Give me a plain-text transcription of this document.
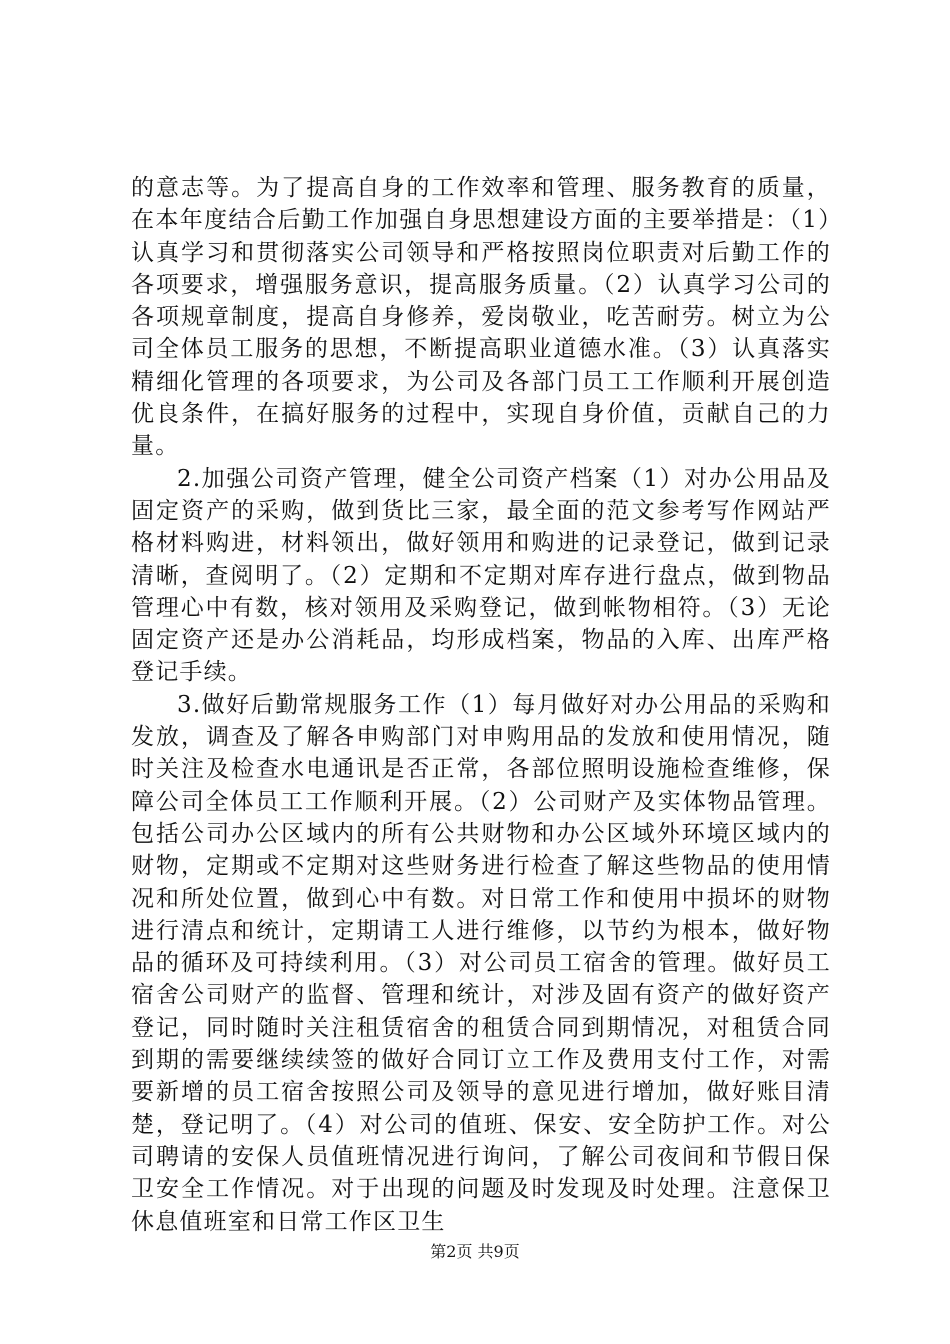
的意志等。为了提高自身的工作效率和管理、服务教育的质量，在本年度结合后勤工作加强自身思想建设方面的主要举措是：（1）认真学习和贯彻落实公司领导和严格按照岗位职责对后勤工作的各项要求，增强服务意识，提高服务质量。（2）认真学习公司的各项规章制度，提高自身修养，爱岗敬业，吃苦耐劳。树立为公司全体员工服务的思想，不断提高职业道德水准。（3）认真落实精细化管理的各项要求，为公司及各部门员工工作顺利开展创造优良条件，在搞好服务的过程中，实现自身价值，贡献自己的力量。

2.加强公司资产管理，健全公司资产档案（1）对办公用品及固定资产的采购，做到货比三家，最全面的范文参考写作网站严格材料购进，材料领出，做好领用和购进的记录登记，做到记录清晰，查阅明了。（2）定期和不定期对库存进行盘点，做到物品管理心中有数，核对领用及采购登记，做到帐物相符。（3）无论固定资产还是办公消耗品，均形成档案，物品的入库、出库严格登记手续。

3.做好后勤常规服务工作（1）每月做好对办公用品的采购和发放，调查及了解各申购部门对申购用品的发放和使用情况，随时关注及检查水电通讯是否正常，各部位照明设施检查维修，保障公司全体员工工作顺利开展。（2）公司财产及实体物品管理。包括公司办公区域内的所有公共财物和办公区域外环境区域内的财物，定期或不定期对这些财务进行检查了解这些物品的使用情况和所处位置，做到心中有数。对日常工作和使用中损坏的财物进行清点和统计，定期请工人进行维修，以节约为根本，做好物品的循环及可持续利用。（3）对公司员工宿舍的管理。做好员工宿舍公司财产的监督、管理和统计，对涉及固有资产的做好资产登记，同时随时关注租赁宿舍的租赁合同到期情况，对租赁合同到期的需要继续续签的做好合同订立工作及费用支付工作，对需要新增的员工宿舍按照公司及领导的意见进行增加，做好账目清楚，登记明了。（4）对公司的值班、保安、安全防护工作。对公司聘请的安保人员值班情况进行询问，了解公司夜间和节假日保卫安全工作情况。对于出现的问题及时发现及时处理。注意保卫休息值班室和日常工作区卫生

第2页 共9页
